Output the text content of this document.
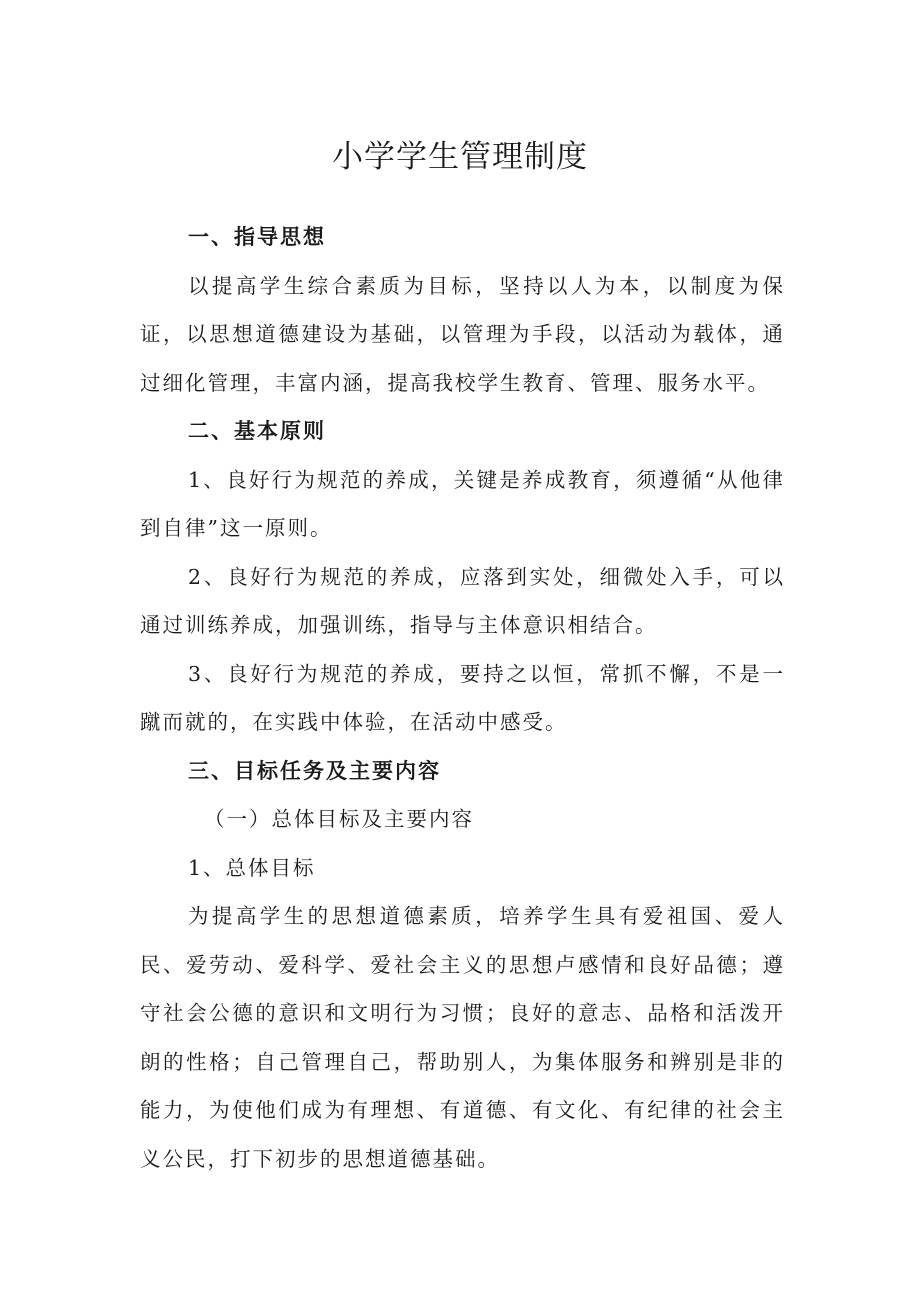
小学学生管理制度

一、指导思想

以提高学生综合素质为目标，坚持以人为本，以制度为保证，以思想道德建设为基础，以管理为手段，以活动为载体，通过细化管理，丰富内涵，提高我校学生教育、管理、服务水平。

二、基本原则

1、良好行为规范的养成，关键是养成教育，须遵循“从他律到自律”这一原则。

2、良好行为规范的养成，应落到实处，细微处入手，可以通过训练养成，加强训练，指导与主体意识相结合。

3、良好行为规范的养成，要持之以恒，常抓不懈，不是一蹴而就的，在实践中体验，在活动中感受。

三、目标任务及主要内容

（一）总体目标及主要内容

1、总体目标

为提高学生的思想道德素质，培养学生具有爱祖国、爱人民、爱劳动、爱科学、爱社会主义的思想卢感情和良好品德；遵守社会公德的意识和文明行为习惯；良好的意志、品格和活泼开朗的性格；自己管理自己，帮助别人，为集体服务和辨别是非的能力，为使他们成为有理想、有道德、有文化、有纪律的社会主义公民，打下初步的思想道德基础。
